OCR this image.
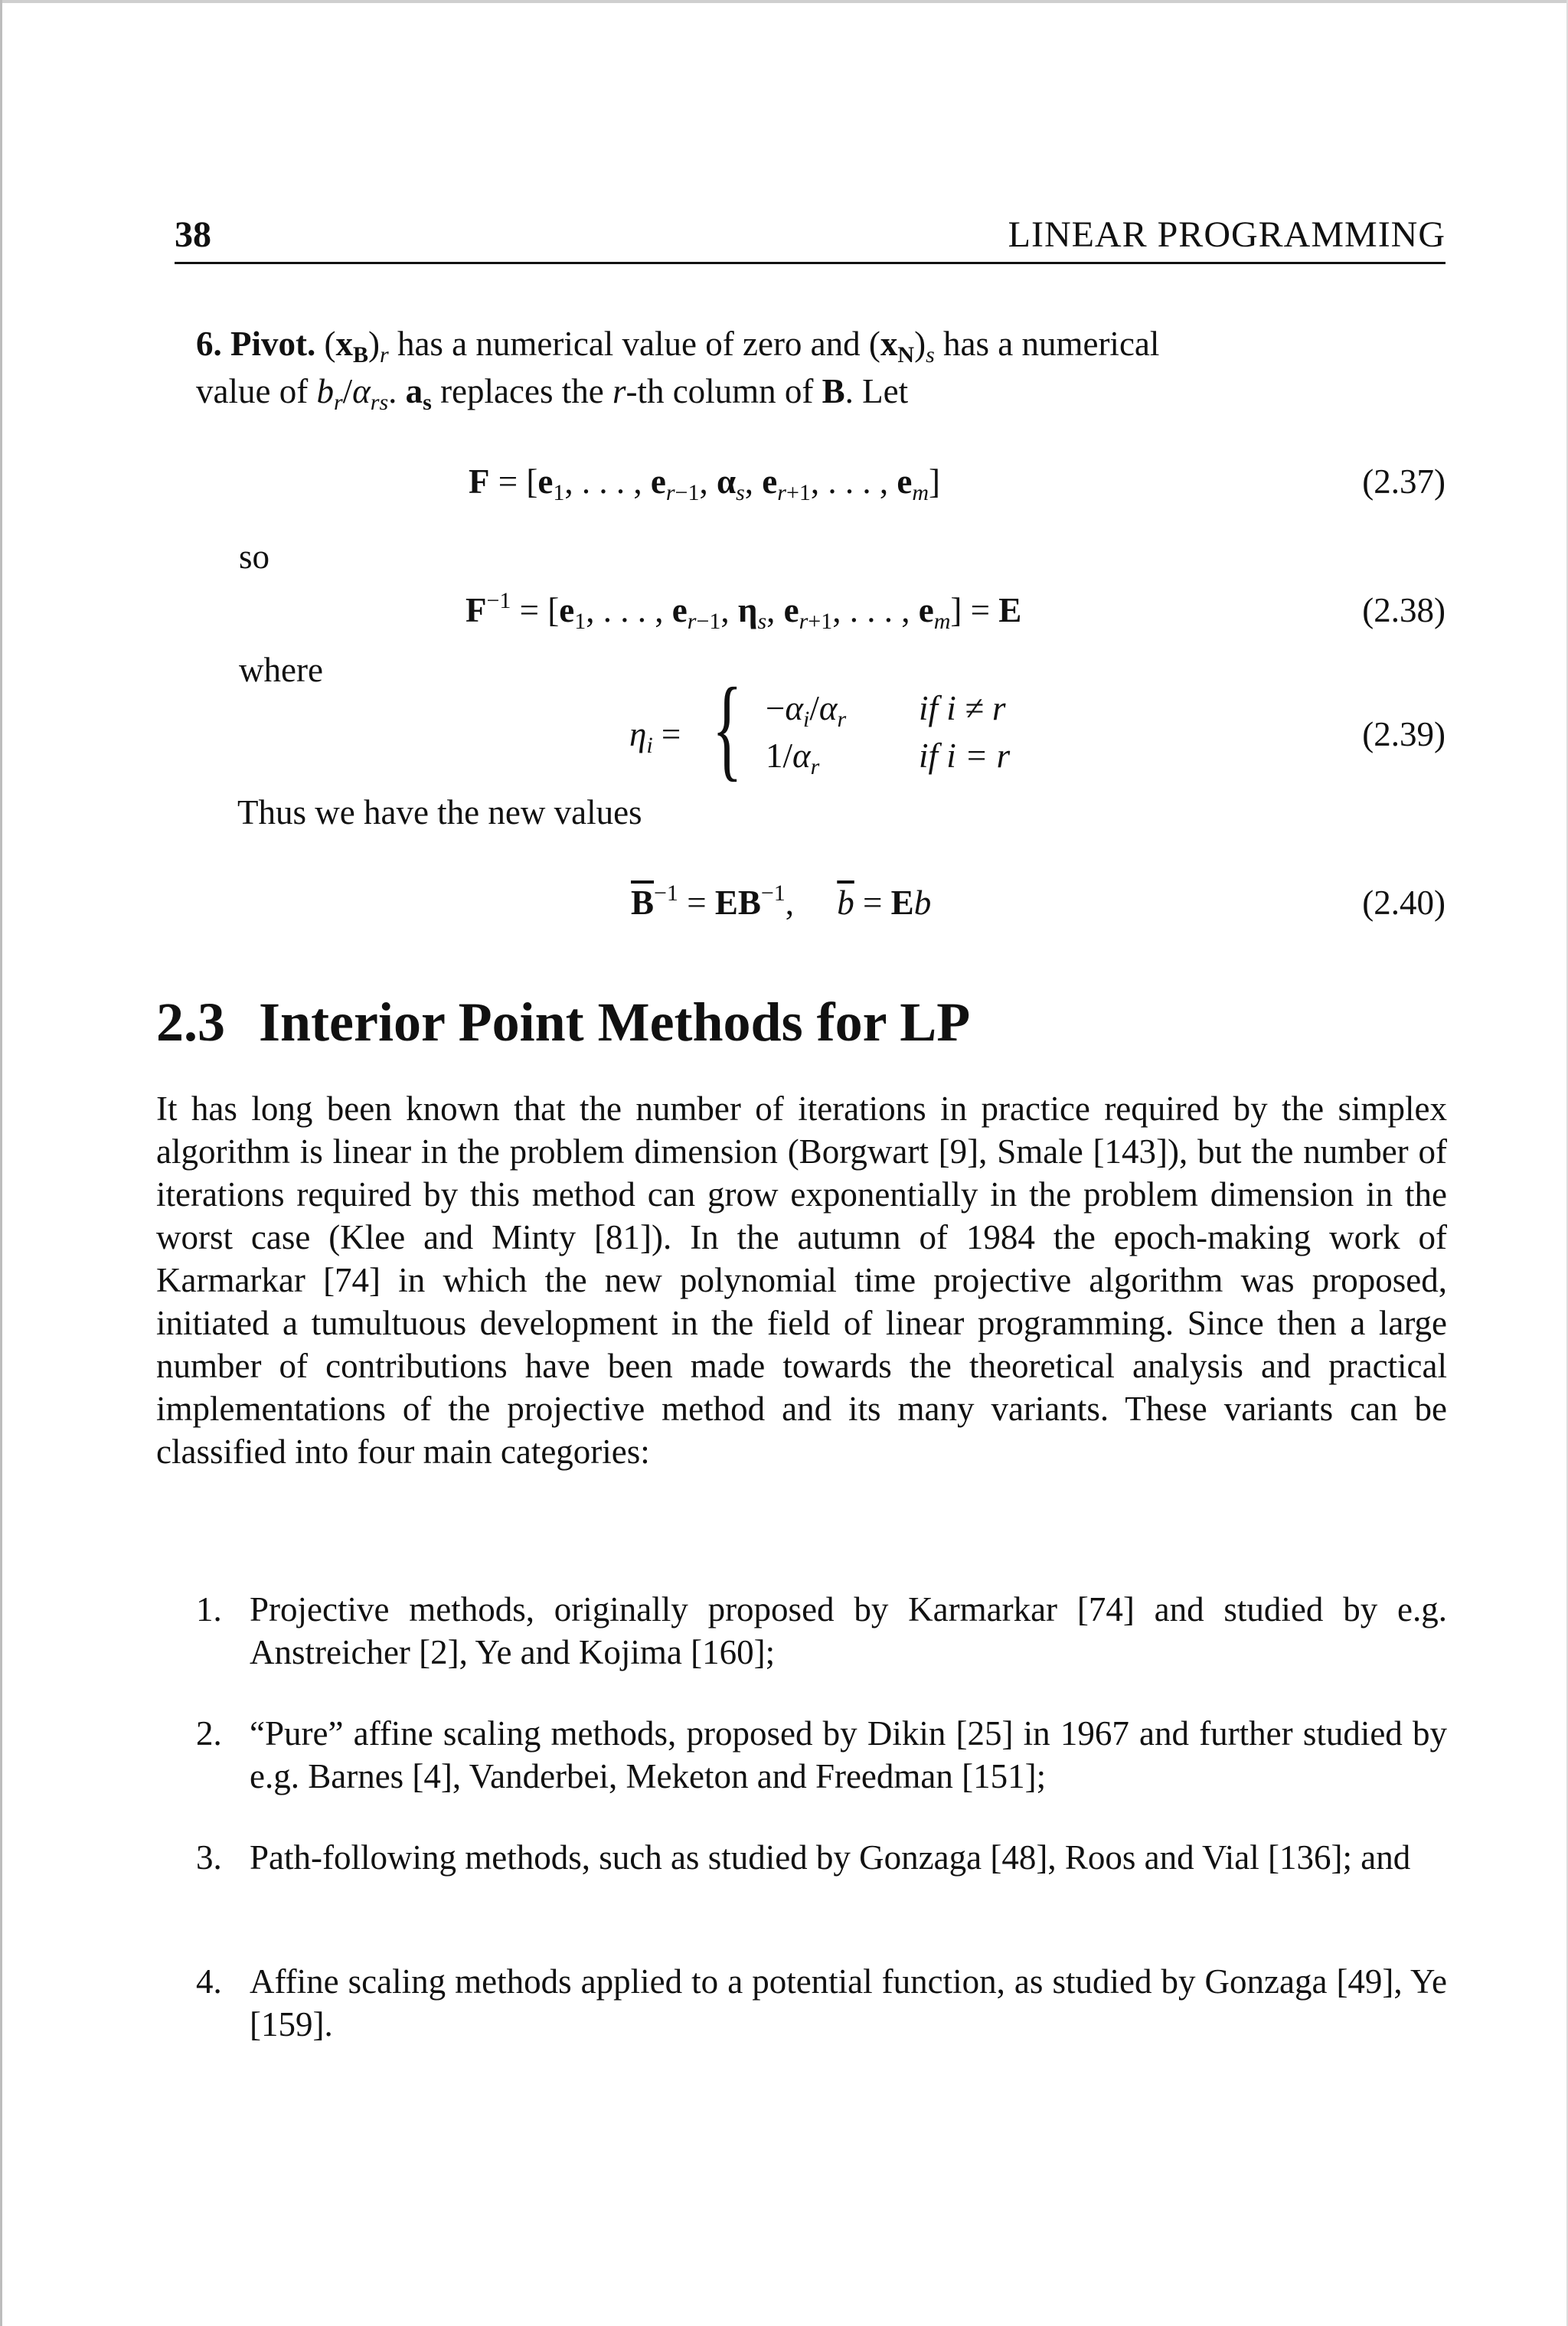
38	LINEAR PROGRAMMING
6. Pivot. $(x_B)_r$ has a numerical value of zero and $(x_N)_s$ has a numerical
value of $b_r/\alpha_{rs}$. $a_s$ replaces the r-th column of B. Let
$F = [e_1$, . . . , $e_{r-1}$, $\alpha_s$, $e_{r+1}$, . . . , $e_m$]	(2.37)
so
$F^{-1} = [e_1$, . . . , $e_{r-1}$, $\eta_s$, $e_{r+1}$, . . . , $e_m] = E$	(2.38)
where
$\eta_i$ = { $-\alpha_i/\alpha_r$ if i ≠ r
$1/\alpha_r$	if i = r
(2.39)
Thus we have the new values
$\overline{B}^{-1} = EB^{-1}$,     $\overline{b} = Eb$	(2.40)
2.3 Interior Point Methods for LP
It has long been known that the number of iterations in practice required by the simplex algorithm is linear in the problem dimension (Borgwart [9], Smale [143]), but the number of iterations required by this method can grow exponentially in the problem dimension in the worst case (Klee and Minty [81]). In the autumn of 1984 the epoch-making work of Karmarkar [74] in which the new polynomial time projective algorithm was proposed, initiated a tumultuous development in the field of linear programming. Since then a large number of contributions have been made towards the theoretical analysis and practical implementations of the projective method and its many variants. These variants can be classified into four main categories:
1. Projective methods, originally proposed by Karmarkar [74] and studied by e.g. Anstreicher [2], Ye and Kojima [160];
2. “Pure” affine scaling methods, proposed by Dikin [25] in 1967 and further studied by e.g. Barnes [4], Vanderbei, Meketon and Freedman [151];
3. Path-following methods, such as studied by Gonzaga [48], Roos and Vial [136]; and
4. Affine scaling methods applied to a potential function, as studied by Gonzaga [49], Ye [159].
